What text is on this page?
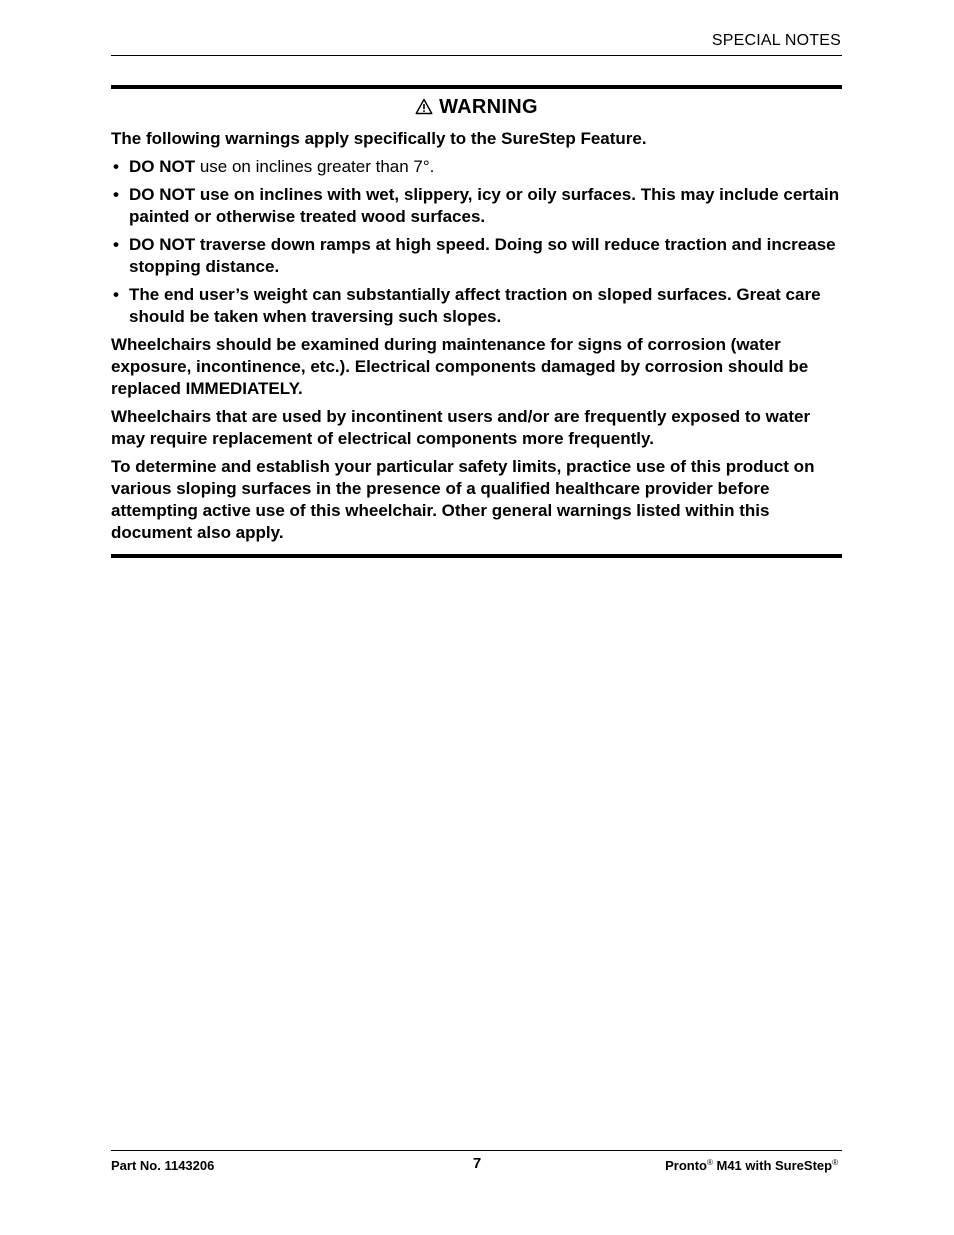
SPECIAL NOTES
WARNING

The following warnings apply specifically to the SureStep Feature.

• DO NOT use on inclines greater than 7°.
• DO NOT use on inclines with wet, slippery, icy or oily surfaces. This may include certain painted or otherwise treated wood surfaces.
• DO NOT traverse down ramps at high speed. Doing so will reduce traction and increase stopping distance.
• The end user’s weight can substantially affect traction on sloped surfaces. Great care should be taken when traversing such slopes.

Wheelchairs should be examined during maintenance for signs of corrosion (water exposure, incontinence, etc.). Electrical components damaged by corrosion should be replaced IMMEDIATELY.

Wheelchairs that are used by incontinent users and/or are frequently exposed to water may require replacement of electrical components more frequently.

To determine and establish your particular safety limits, practice use of this product on various sloping surfaces in the presence of a qualified healthcare provider before attempting active use of this wheelchair. Other general warnings listed within this document also apply.

Part No. 1143206	7	Pronto® M41 with SureStep®
